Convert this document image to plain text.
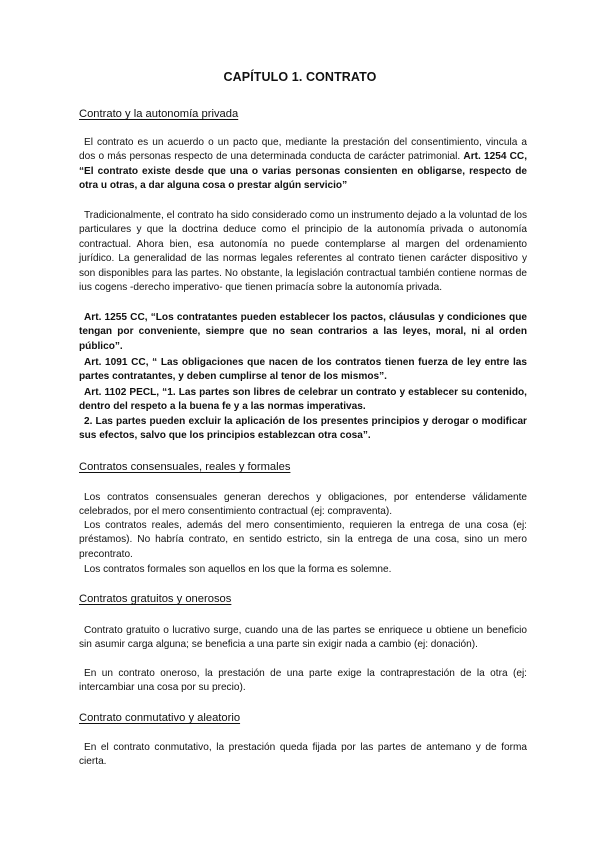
CAPÍTULO 1. CONTRATO
Contrato y la autonomía privada

El contrato es un acuerdo o un pacto que, mediante la prestación del consentimiento, vincula a dos o más personas respecto de una determinada conducta de carácter patrimonial. Art. 1254 CC, “El contrato existe desde que una o varias personas consienten en obligarse, respecto de otra u otras, a dar alguna cosa o prestar algún servicio”

Tradicionalmente, el contrato ha sido considerado como un instrumento dejado a la voluntad de los particulares y que la doctrina deduce como el principio de la autonomía privada o autonomía contractual. Ahora bien, esa autonomía no puede contemplarse al margen del ordenamiento jurídico. La generalidad de las normas legales referentes al contrato tienen carácter dispositivo y son disponibles para las partes. No obstante, la legislación contractual también contiene normas de ius cogens -derecho imperativo- que tienen primacía sobre la autonomía privada.

Art. 1255 CC, “Los contratantes pueden establecer los pactos, cláusulas y condiciones que tengan por conveniente, siempre que no sean contrarios a las leyes, moral, ni al orden público”.

Art. 1091 CC, “ Las obligaciones que nacen de los contratos tienen fuerza de ley entre las partes contratantes, y deben cumplirse al tenor de los mismos”.

Art. 1102 PECL, “1. Las partes son libres de celebrar un contrato y establecer su contenido, dentro del respeto a la buena fe y a las normas imperativas.

2. Las partes pueden excluir la aplicación de los presentes principios y derogar o modificar sus efectos, salvo que los principios establezcan otra cosa”.

Contratos consensuales, reales y formales

Los contratos consensuales generan derechos y obligaciones, por entenderse válidamente celebrados, por el mero consentimiento contractual (ej: compraventa).

Los contratos reales, además del mero consentimiento, requieren la entrega de una cosa (ej: préstamos). No habría contrato, en sentido estricto, sin la entrega de una cosa, sino un mero precontrato.

Los contratos formales son aquellos en los que la forma es solemne.

Contratos gratuitos y onerosos

Contrato gratuito o lucrativo surge, cuando una de las partes se enriquece u obtiene un beneficio sin asumir carga alguna; se beneficia a una parte sin exigir nada a cambio (ej: donación).

En un contrato oneroso, la prestación de una parte exige la contraprestación de la otra (ej: intercambiar una cosa por su precio).

Contrato conmutativo y aleatorio

En el contrato conmutativo, la prestación queda fijada por las partes de antemano y de forma cierta.
